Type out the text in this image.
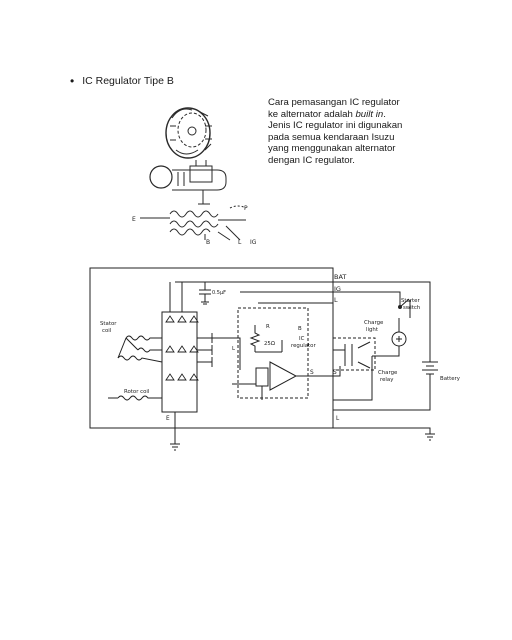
• IC Regulator Tipe B
Cara pemasangan IC regulator
ke alternator adalah built in.
Jenis IC regulator ini digunakan
pada semua kendaraan Isuzu
yang menggunakan alternator
dengan IC regulator.
P
E
B	L IG
BAT
IG
L
0.5μF
Starter switch
Stator coil
Charge light
R	B
25Ω
IC regulator
L
S	S	Charge relay	Battery
Rotor coil
E	L
